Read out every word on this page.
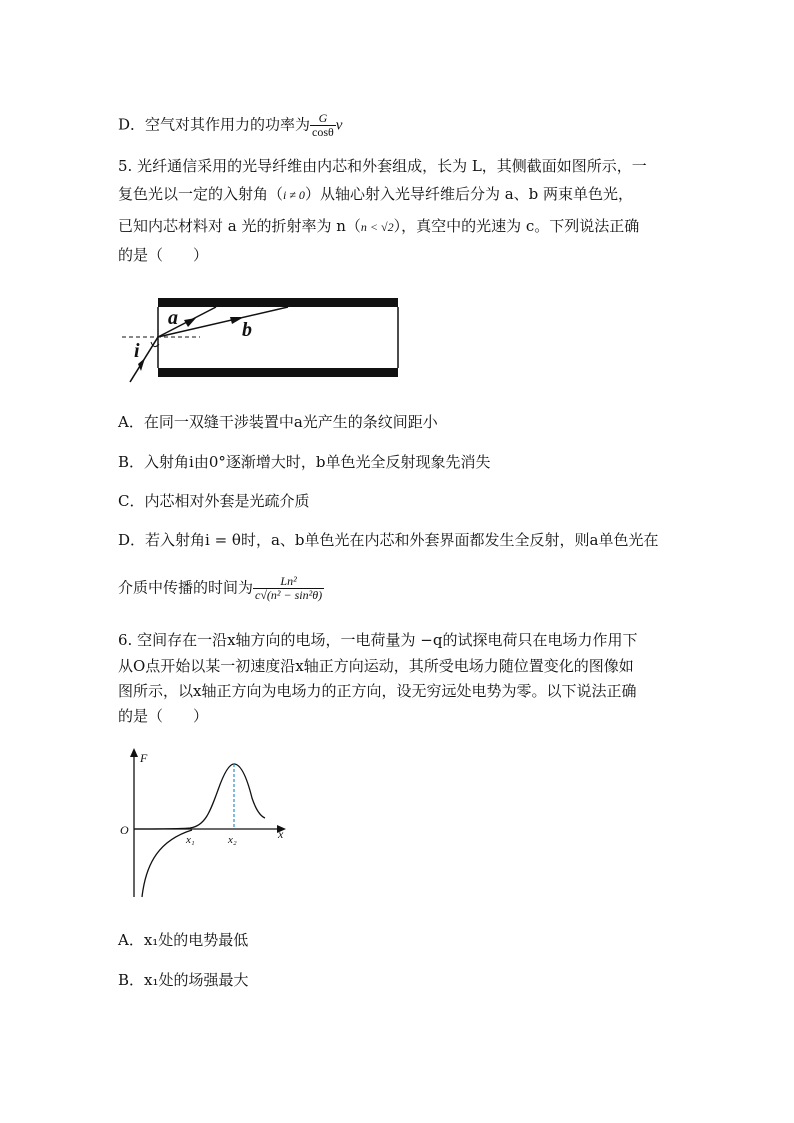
D．空气对其作用力的功率为 $\frac{G}{\cos\theta}$ v
5. 光纤通信采用的光导纤维由内芯和外套组成，长为 L，其侧截面如图所示，一
复色光以一定的入射角（i ≠ 0）从轴心射入光导纤维后分为 a、b 两束单色光，
已知内芯材料对 a 光的折射率为 n（n < √2），真空中的光速为 c。下列说法正确
的是（　　）
a
b
i
A．在同一双缝干涉装置中a光产生的条纹间距小
B．入射角i由0°逐渐增大时，b单色光全反射现象先消失
C．内芯相对外套是光疏介质
D．若入射角i = θ时，a、b单色光在内芯和外套界面都发生全反射，则a单色光在
介质中传播的时间为 $\frac{\text{Ln²}}{\text{c√(n² − sin²θ)}}$
6. 空间存在一沿x轴方向的电场，一电荷量为 −q的试探电荷只在电场力作用下
从O点开始以某一初速度沿x轴正方向运动，其所受电场力随位置变化的图像如
图所示，以x轴正方向为电场力的正方向，设无穷远处电势为零。以下说法正确
的是（　　）
F
O	x
x₁	x₂
A．x₁处的电势最低
B．x₁处的场强最大
